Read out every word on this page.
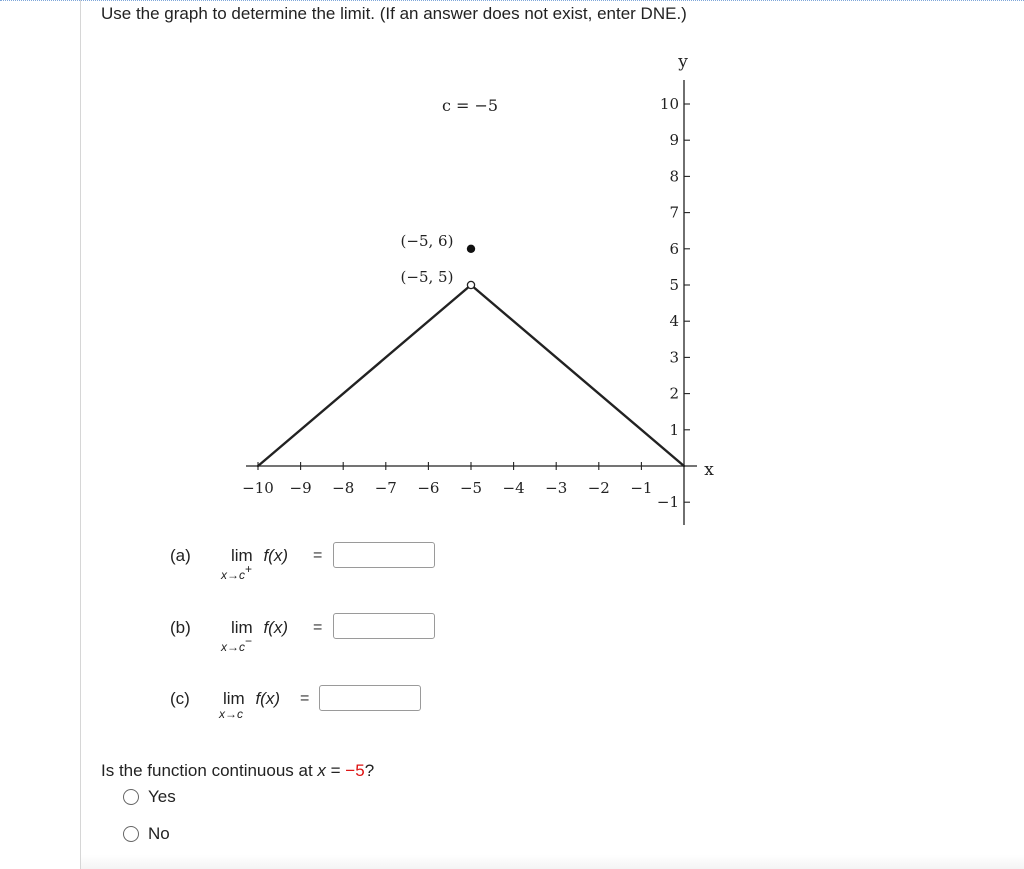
Use the graph to determine the limit. (If an answer does not exist, enter DNE.)
−10 −9 −8 −7 −6 −5 −4 −3 −2 −1
10
9
8
7
6
5
4
3
2
1
−1
c = −5
y
x
(−5, 6)
(−5, 5)
(a) lim f(x)
x→c+
=
(b) lim f(x)
x→c−
=
(c) lim f(x)
x→c
=
Is the function continuous at x = −5?
Yes
No
